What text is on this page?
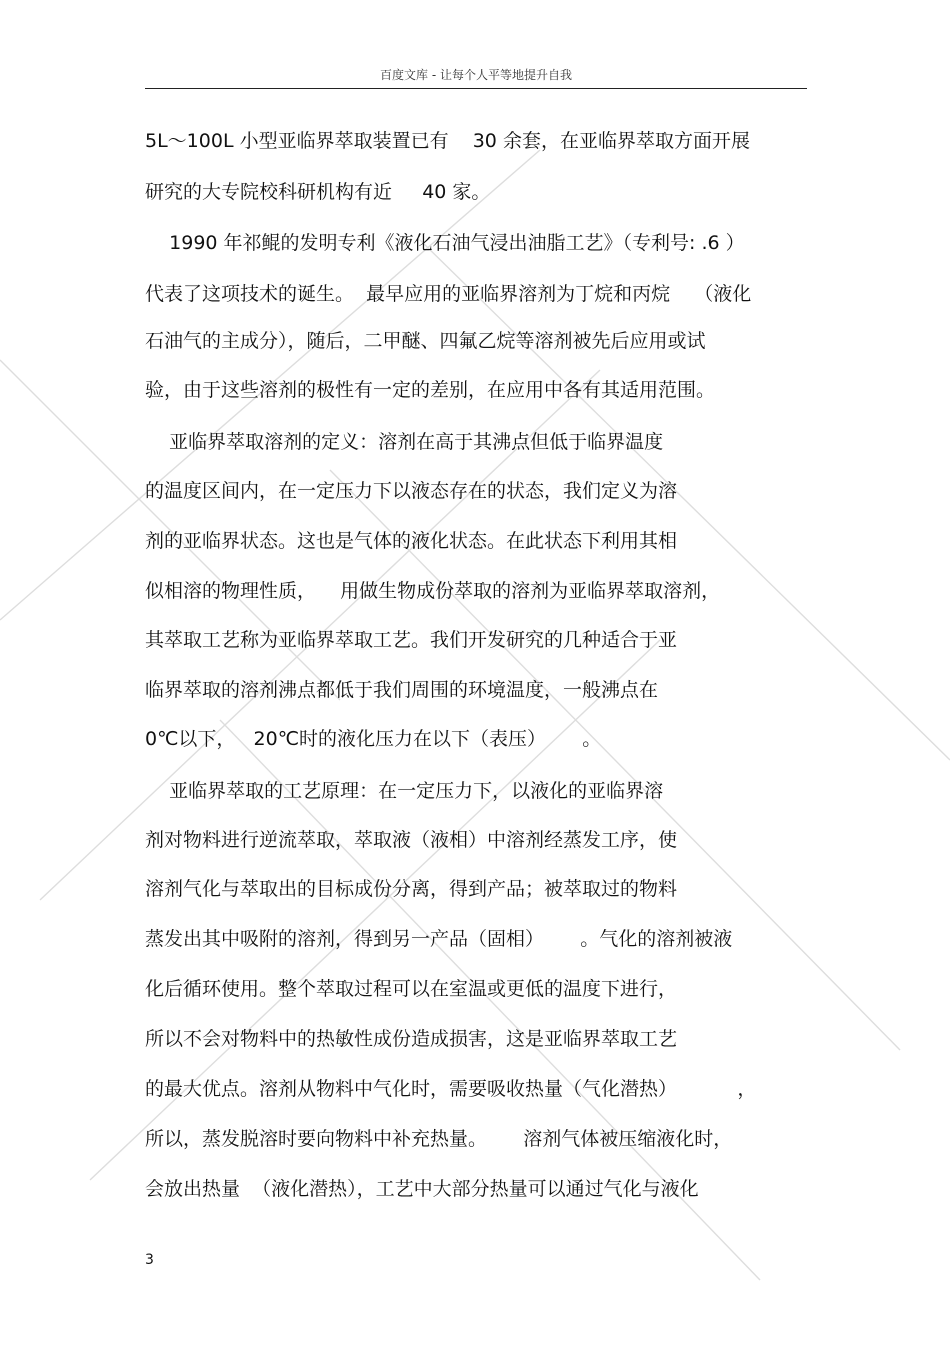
百度文库 - 让每个人平等地提升自我
5L～100L 小型亚临界萃取装置已有    30 余套，在亚临界萃取方面开展
研究的大专院校科研机构有近     40 家。
1990 年祁鲲的发明专利《液化石油气浸出油脂工艺》（专利号: .6 ）
代表了这项技术的诞生。  最早应用的亚临界溶剂为丁烷和丙烷    （液化
石油气的主成分），随后，二甲醚、四氟乙烷等溶剂被先后应用或试
验，由于这些溶剂的极性有一定的差别，在应用中各有其适用范围。
亚临界萃取溶剂的定义：溶剂在高于其沸点但低于临界温度
的温度区间内，在一定压力下以液态存在的状态，我们定义为溶
剂的亚临界状态。这也是气体的液化状态。在此状态下利用其相
似相溶的物理性质，    用做生物成份萃取的溶剂为亚临界萃取溶剂，
其萃取工艺称为亚临界萃取工艺。我们开发研究的几种适合于亚
临界萃取的溶剂沸点都低于我们周围的环境温度，一般沸点在
0℃以下，   20℃时的液化压力在以下（表压）      。
亚临界萃取的工艺原理：在一定压力下，以液化的亚临界溶
剂对物料进行逆流萃取，萃取液（液相）中溶剂经蒸发工序，使
溶剂气化与萃取出的目标成份分离，得到产品；被萃取过的物料
蒸发出其中吸附的溶剂，得到另一产品（固相）      。气化的溶剂被液
化后循环使用。整个萃取过程可以在室温或更低的温度下进行，
所以不会对物料中的热敏性成份造成损害，这是亚临界萃取工艺
的最大优点。溶剂从物料中气化时，需要吸收热量（气化潜热）          ，
所以，蒸发脱溶时要向物料中补充热量。      溶剂气体被压缩液化时，
会放出热量  （液化潜热），工艺中大部分热量可以通过气化与液化
3
